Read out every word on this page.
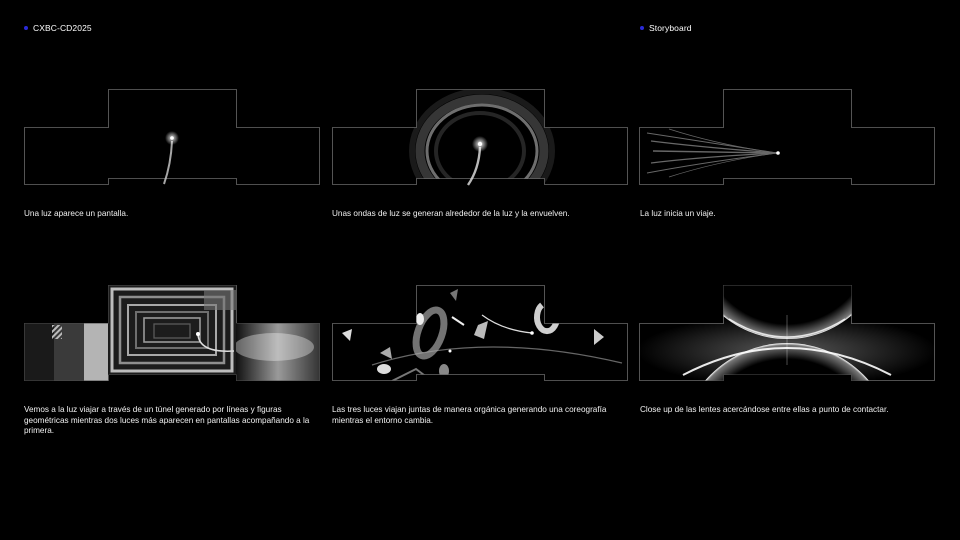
CXBC-CD2025	Storyboard
Una luz aparece un pantalla.	Unas ondas de luz se generan alrededor de la luz y la envuelven.	La luz inicia un viaje.
Vemos a la luz viajar a través de un túnel generado por líneas y figuras geométricas mientras dos luces más aparecen en pantallas acompañando a la primera.
Las tres luces viajan juntas de manera orgánica generando una coreografía mientras el entorno cambia.
Close up de las lentes acercándose entre ellas a punto de contactar.
